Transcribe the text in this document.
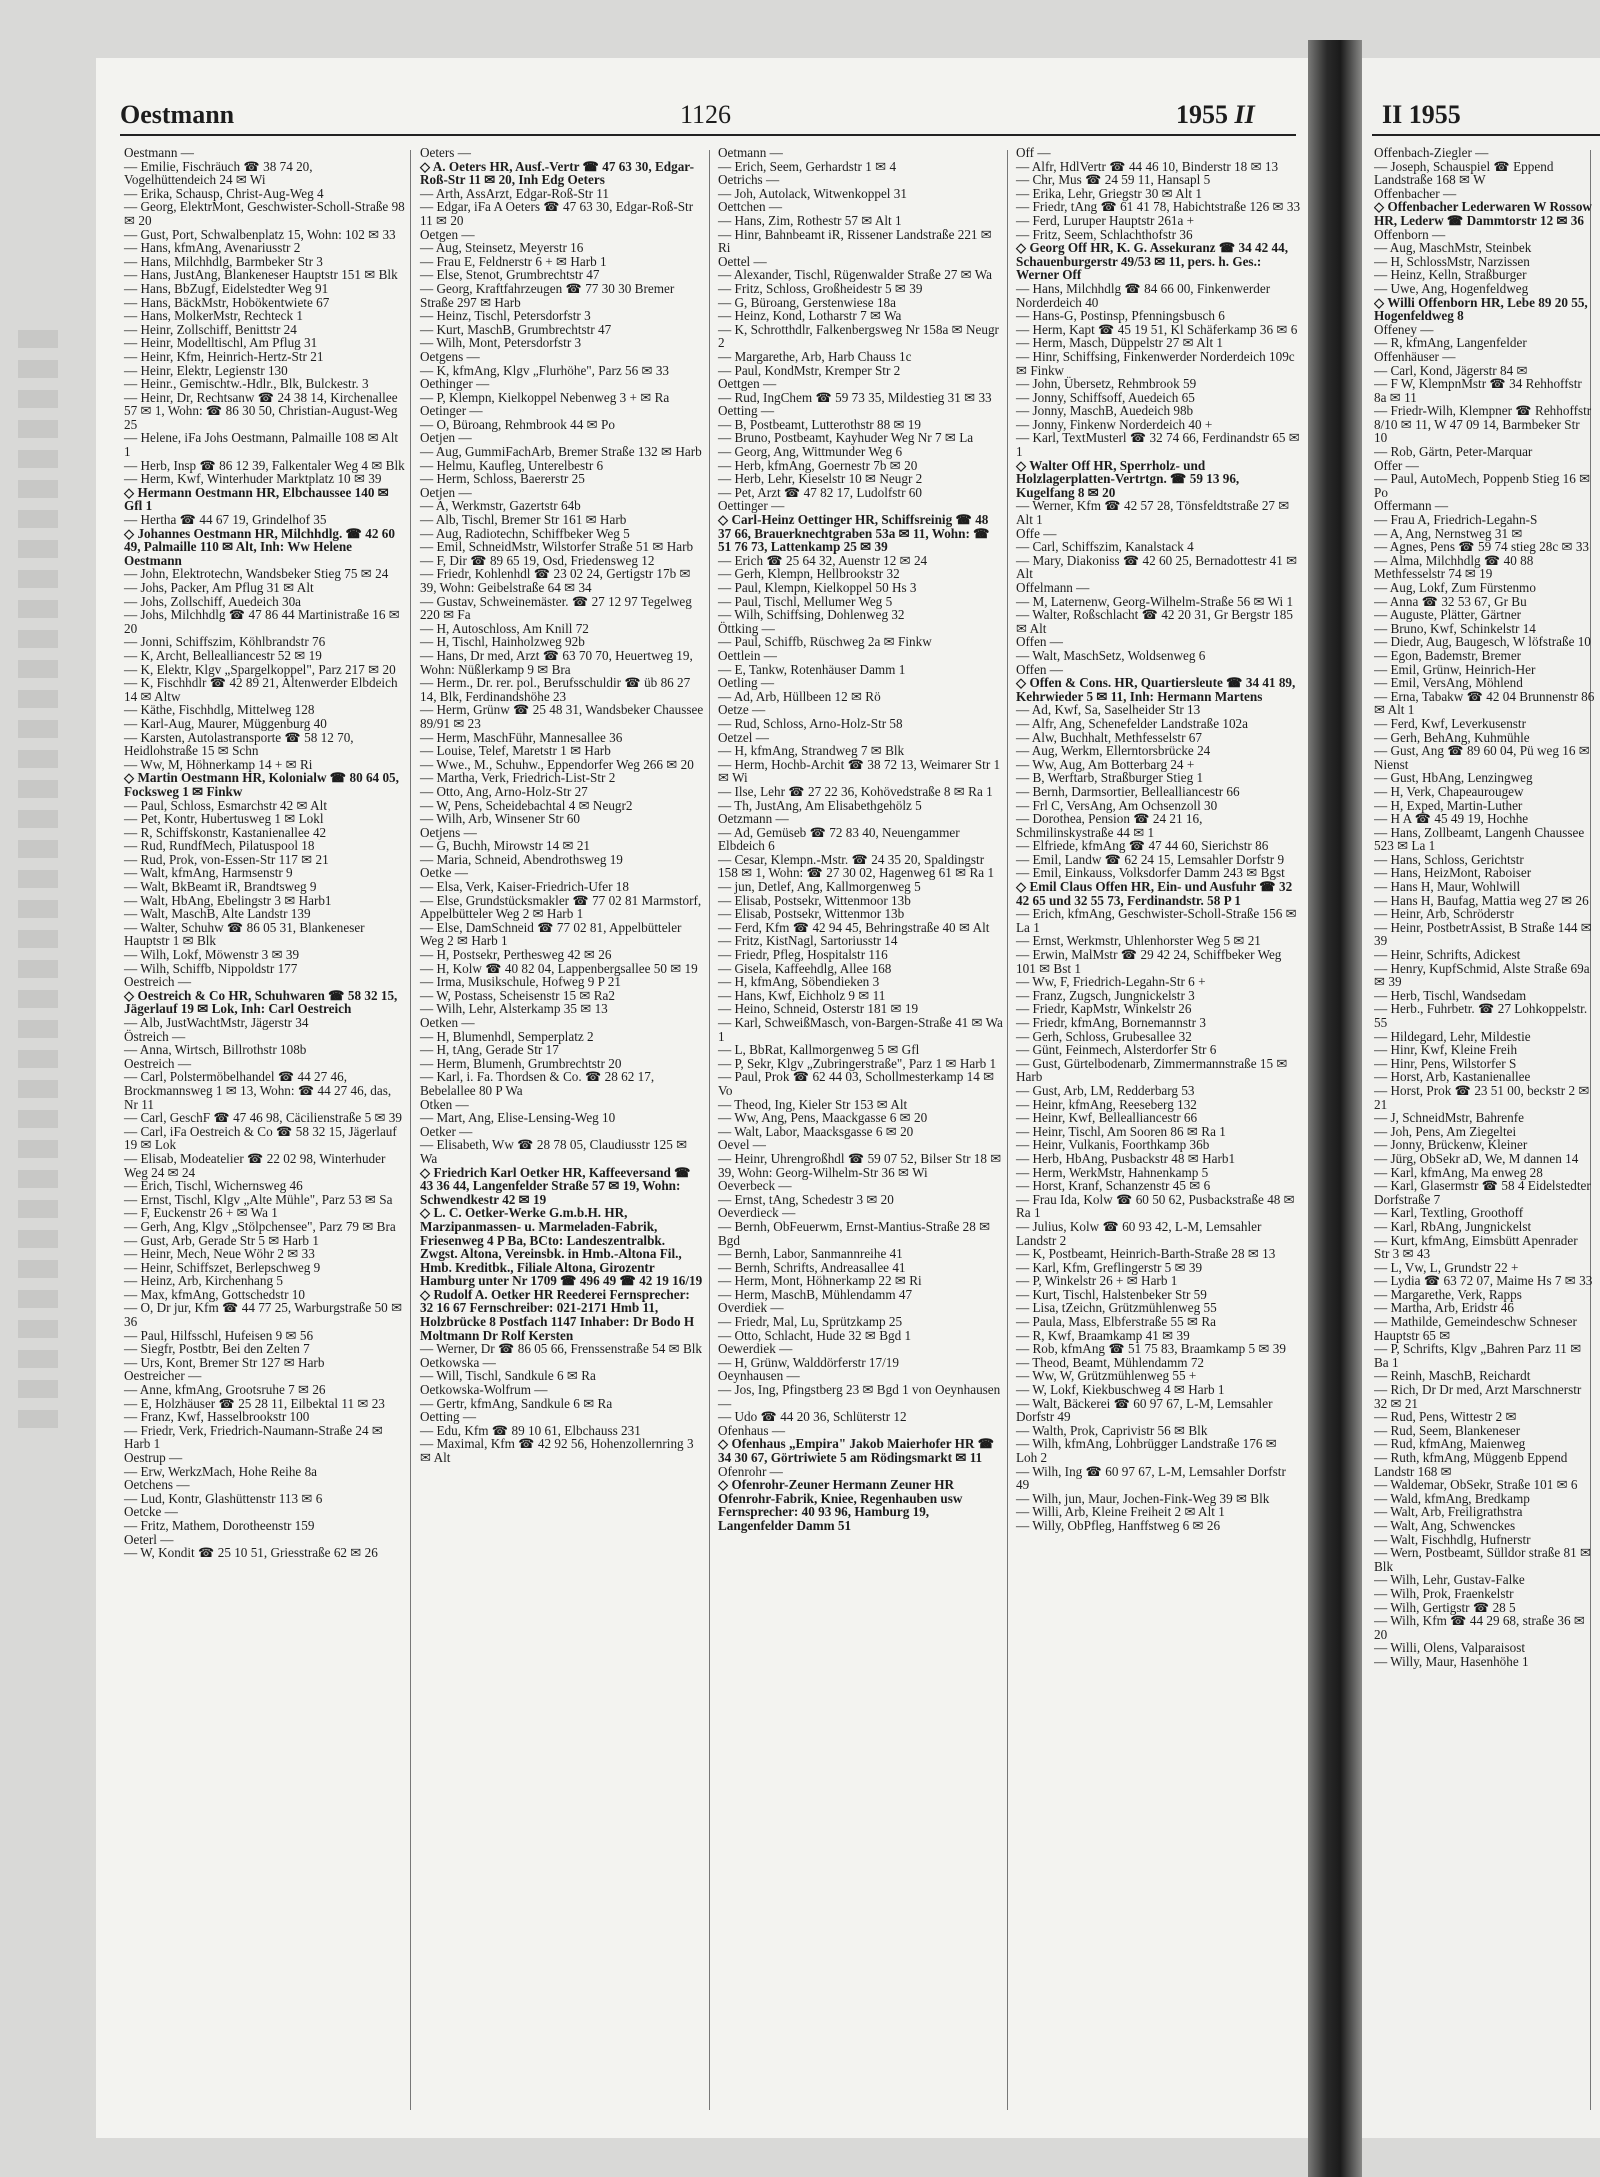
Oestmann	1126	1955 II	II 1955

Oestmann —

— Emilie, Fischräuch ☎ 38 74 20, Vogelhüttendeich 24 ✉ Wi

— Erika, Schausp, Christ-Aug-Weg 4

— Georg, ElektrMont, Geschwister-Scholl-Straße 98 ✉ 20

— Gust, Port, Schwalbenplatz 15, Wohn: 102 ✉ 33

— Hans, kfmAng, Avenariusstr 2

— Hans, Milchhdlg, Barmbeker Str 3

— Hans, JustAng, Blankeneser Hauptstr 151 ✉ Blk

— Hans, BbZugf, Eidelstedter Weg 91

— Hans, BäckMstr, Hobökentwiete 67

— Hans, MolkerMstr, Rechteck 1

— Heinr, Zollschiff, Benittstr 24

— Heinr, Modelltischl, Am Pflug 31

— Heinr, Kfm, Heinrich-Hertz-Str 21

— Heinr, Elektr, Legienstr 130

— Heinr., Gemischtw.-Hdlr., Blk, Bulckestr. 3

— Heinr, Dr, Rechtsanw ☎ 24 38 14, Kirchenallee 57 ✉ 1, Wohn: ☎ 86 30 50, Christian-August-Weg 25

— Helene, iFa Johs Oestmann, Palmaille 108 ✉ Alt 1

— Herb, Insp ☎ 86 12 39, Falkentaler Weg 4 ✉ Blk

— Herm, Kwf, Winterhuder Marktplatz 10 ✉ 39

◇ Hermann Oestmann HR, Elbchaussee 140 ✉ Gfl 1

— Hertha ☎ 44 67 19, Grindelhof 35

◇ Johannes Oestmann HR, Milchhdlg. ☎ 42 60 49, Palmaille 110 ✉ Alt, Inh: Ww Helene Oestmann

— John, Elektrotechn, Wandsbeker Stieg 75 ✉ 24

— Johs, Packer, Am Pflug 31 ✉ Alt

— Johs, Zollschiff, Auedeich 30a

— Johs, Milchhdlg ☎ 47 86 44 Martinistraße 16 ✉ 20

— Jonni, Schiffszim, Köhlbrandstr 76

— K, Archt, Bellealliancestr 52 ✉ 19

— K, Elektr, Klgv „Spargelkoppel", Parz 217 ✉ 20

— K, Fischhdlr ☎ 42 89 21, Altenwerder Elbdeich 14 ✉ Altw

— Käthe, Fischhdlg, Mittelweg 128

— Karl-Aug, Maurer, Müggenburg 40

— Karsten, Autolastransporte ☎ 58 12 70, Heidlohstraße 15 ✉ Schn

— Ww, M, Höhnerkamp 14 + ✉ Ri

◇ Martin Oestmann HR, Kolonialw ☎ 80 64 05, Focksweg 1 ✉ Finkw

— Paul, Schloss, Esmarchstr 42 ✉ Alt

— Pet, Kontr, Hubertusweg 1 ✉ Lokl

— R, Schiffskonstr, Kastanienallee 42

— Rud, RundfMech, Pilatuspool 18

— Rud, Prok, von-Essen-Str 117 ✉ 21

— Walt, kfmAng, Harmsenstr 9

— Walt, BkBeamt iR, Brandtsweg 9

— Walt, HbAng, Ebelingstr 3 ✉ Harb1

— Walt, MaschB, Alte Landstr 139

— Walter, Schuhw ☎ 86 05 31, Blankeneser Hauptstr 1 ✉ Blk

— Wilh, Lokf, Möwenstr 3 ✉ 39

— Wilh, Schiffb, Nippoldstr 177

Oestreich —

◇ Oestreich & Co HR, Schuhwaren ☎ 58 32 15, Jägerlauf 19 ✉ Lok, Inh: Carl Oestreich

— Alb, JustWachtMstr, Jägerstr 34

Östreich —

— Anna, Wirtsch, Billrothstr 108b

Oestreich —

— Carl, Polstermöbelhandel ☎ 44 27 46, Brockmannsweg 1 ✉ 13, Wohn: ☎ 44 27 46, das, Nr 11

— Carl, GeschF ☎ 47 46 98, Cäcilienstraße 5 ✉ 39

— Carl, iFa Oestreich & Co ☎ 58 32 15, Jägerlauf 19 ✉ Lok

— Elisab, Modeatelier ☎ 22 02 98, Winterhuder Weg 24 ✉ 24

— Erich, Tischl, Wichernsweg 46

— Ernst, Tischl, Klgv „Alte Mühle", Parz 53 ✉ Sa

— F, Euckenstr 26 + ✉ Wa 1

— Gerh, Ang, Klgv „Stölpchensee", Parz 79 ✉ Bra

— Gust, Arb, Gerade Str 5 ✉ Harb 1

— Heinr, Mech, Neue Wöhr 2 ✉ 33

— Heinr, Schiffszet, Berlepschweg 9

— Heinz, Arb, Kirchenhang 5

— Max, kfmAng, Gottschedstr 10

— O, Dr jur, Kfm ☎ 44 77 25, Warburgstraße 50 ✉ 36

— Paul, Hilfsschl, Hufeisen 9 ✉ 56

— Siegfr, Postbtr, Bei den Zelten 7

— Urs, Kont, Bremer Str 127 ✉ Harb

Oestreicher —

— Anne, kfmAng, Grootsruhe 7 ✉ 26

— E, Holzhäuser ☎ 25 28 11, Eilbektal 11 ✉ 23

— Franz, Kwf, Hasselbrookstr 100

— Friedr, Verk, Friedrich-Naumann-Straße 24 ✉ Harb 1

Oestrup —

— Erw, WerkzMach, Hohe Reihe 8a

Oetchens —

— Lud, Kontr, Glashüttenstr 113 ✉ 6

Oetcke —

— Fritz, Mathem, Dorotheenstr 159

Oeterl —

— W, Kondit ☎ 25 10 51, Griesstraße 62 ✉ 26

Oeters —

◇ A. Oeters HR, Ausf.-Vertr ☎ 47 63 30, Edgar-Roß-Str 11 ✉ 20, Inh Edg Oeters

— Arth, AssArzt, Edgar-Roß-Str 11

— Edgar, iFa A Oeters ☎ 47 63 30, Edgar-Roß-Str 11 ✉ 20

Oetgen —

— Aug, Steinsetz, Meyerstr 16

— Frau E, Feldnerstr 6 + ✉ Harb 1

— Else, Stenot, Grumbrechtstr 47

— Georg, Kraftfahrzeugen ☎ 77 30 30 Bremer Straße 297 ✉ Harb

— Heinz, Tischl, Petersdorfstr 3

— Kurt, MaschB, Grumbrechtstr 47

— Wilh, Mont, Petersdorfstr 3

Oetgens —

— K, kfmAng, Klgv „Flurhöhe", Parz 56 ✉ 33

Oethinger —

— P, Klempn, Kielkoppel Nebenweg 3 + ✉ Ra

Oetinger —

— O, Büroang, Rehmbrook 44 ✉ Po

Oetjen —

— Aug, GummiFachArb, Bremer Straße 132 ✉ Harb

— Helmu, Kaufleg, Unterelbestr 6

— Herm, Schloss, Baererstr 25

Oetjen —

— A, Werkmstr, Gazertstr 64b

— Alb, Tischl, Bremer Str 161 ✉ Harb

— Aug, Radiotechn, Schiffbeker Weg 5

— Emil, SchneidMstr, Wilstorfer Straße 51 ✉ Harb

— F, Dir ☎ 89 65 19, Osd, Friedensweg 12

— Friedr, Kohlenhdl ☎ 23 02 24, Gertigstr 17b ✉ 39, Wohn: Geibelstraße 64 ✉ 34

— Gustav, Schweinemäster. ☎ 27 12 97 Tegelweg 220 ✉ Fa

— H, Autoschloss, Am Knill 72

— H, Tischl, Hainholzweg 92b

— Hans, Dr med, Arzt ☎ 63 70 70, Heuertweg 19, Wohn: Nüßlerkamp 9 ✉ Bra

— Herm., Dr. rer. pol., Berufsschuldir ☎ üb 86 27 14, Blk, Ferdinandshöhe 23

— Herm, Grünw ☎ 25 48 31, Wandsbeker Chaussee 89/91 ✉ 23

— Herm, MaschFühr, Mannesallee 36

— Louise, Telef, Maretstr 1 ✉ Harb

— Wwe., M., Schuhw., Eppendorfer Weg 266 ✉ 20

— Martha, Verk, Friedrich-List-Str 2

— Otto, Ang, Arno-Holz-Str 27

— W, Pens, Scheidebachtal 4 ✉ Neugr2

— Wilh, Arb, Winsener Str 60

Oetjens —

— G, Buchh, Mirowstr 14 ✉ 21

— Maria, Schneid, Abendrothsweg 19

Oetke —

— Elsa, Verk, Kaiser-Friedrich-Ufer 18

— Else, Grundstücksmakler ☎ 77 02 81 Marmstorf, Appelbütteler Weg 2 ✉ Harb 1

— Else, DamSchneid ☎ 77 02 81, Appelbütteler Weg 2 ✉ Harb 1

— H, Postsekr, Perthesweg 42 ✉ 26

— H, Kolw ☎ 40 82 04, Lappenbergsallee 50 ✉ 19

— Irma, Musikschule, Hofweg 9 P 21

— W, Postass, Scheisenstr 15 ✉ Ra2

— Wilh, Lehr, Alsterkamp 35 ✉ 13

Oetken —

— H, Blumenhdl, Semperplatz 2

— H, tAng, Gerade Str 17

— Herm, Blumenh, Grumbrechtstr 20

— Karl, i. Fa. Thordsen & Co. ☎ 28 62 17, Bebelallee 80 P Wa

Otken —

— Mart, Ang, Elise-Lensing-Weg 10

Oetker —

— Elisabeth, Ww ☎ 28 78 05, Claudiusstr 125 ✉ Wa

◇ Friedrich Karl Oetker HR, Kaffeeversand ☎ 43 36 44, Langenfelder Straße 57 ✉ 19, Wohn: Schwendkestr 42 ✉ 19

◇ L. C. Oetker-Werke G.m.b.H. HR, Marzipanmassen- u. Marmeladen-Fabrik, Friesenweg 4 P Ba, BCto: Landeszentralbk. Zwgst. Altona, Vereinsbk. in Hmb.-Altona Fil., Hmb. Kreditbk., Filiale Altona, Girozentr Hamburg unter Nr 1709 ☎ 496 49 ☎ 42 19 16/19

◇ Rudolf A. Oetker HR Reederei Fernsprecher: 32 16 67 Fernschreiber: 021-2171 Hmb 11, Holzbrücke 8 Postfach 1147 Inhaber: Dr Bodo H Moltmann Dr Rolf Kersten

— Werner, Dr ☎ 86 05 66, Frenssenstraße 54 ✉ Blk

Oetkowska —

— Will, Tischl, Sandkule 6 ✉ Ra

Oetkowska-Wolfrum —

— Gertr, kfmAng, Sandkule 6 ✉ Ra

Oetting —

— Edu, Kfm ☎ 89 10 61, Elbchauss 231

— Maximal, Kfm ☎ 42 92 56, Hohenzollernring 3 ✉ Alt

Oetmann —

— Erich, Seem, Gerhardstr 1 ✉ 4

Oetrichs —

— Joh, Autolack, Witwenkoppel 31

Oettchen —

— Hans, Zim, Rothestr 57 ✉ Alt 1

— Hinr, Bahnbeamt iR, Rissener Landstraße 221 ✉ Ri

Oettel —

— Alexander, Tischl, Rügenwalder Straße 27 ✉ Wa

— Fritz, Schloss, Großheidestr 5 ✉ 39

— G, Büroang, Gerstenwiese 18a

— Heinz, Kond, Lotharstr 7 ✉ Wa

— K, Schrotthdlr, Falkenbergsweg Nr 158a ✉ Neugr 2

— Margarethe, Arb, Harb Chauss 1c

— Paul, KondMstr, Kremper Str 2

Oettgen —

— Rud, IngChem ☎ 59 73 35, Mildestieg 31 ✉ 33

Oetting —

— B, Postbeamt, Lutterothstr 88 ✉ 19

— Bruno, Postbeamt, Kayhuder Weg Nr 7 ✉ La

— Georg, Ang, Wittmunder Weg 6

— Herb, kfmAng, Goernestr 7b ✉ 20

— Herb, Lehr, Kieselstr 10 ✉ Neugr 2

— Pet, Arzt ☎ 47 82 17, Ludolfstr 60

Oettinger —

◇ Carl-Heinz Oettinger HR, Schiffsreinig ☎ 48 37 66, Brauerknechtgraben 53a ✉ 11, Wohn: ☎ 51 76 73, Lattenkamp 25 ✉ 39

— Erich ☎ 25 64 32, Auenstr 12 ✉ 24

— Gerh, Klempn, Hellbrookstr 32

— Paul, Klempn, Kielkoppel 50 Hs 3

— Paul, Tischl, Mellumer Weg 5

— Wilh, Schiffsing, Dohlenweg 32

Öttking —

— Paul, Schiffb, Rüschweg 2a ✉ Finkw

Oettlein —

— E, Tankw, Rotenhäuser Damm 1

Oetling —

— Ad, Arb, Hüllbeen 12 ✉ Rö

Oetze —

— Rud, Schloss, Arno-Holz-Str 58

Oetzel —

— H, kfmAng, Strandweg 7 ✉ Blk

— Herm, Hochb-Archit ☎ 38 72 13, Weimarer Str 1 ✉ Wi

— Ilse, Lehr ☎ 27 22 36, Kohövedstraße 8 ✉ Ra 1

— Th, JustAng, Am Elisabethgehölz 5

Oetzmann —

— Ad, Gemüseb ☎ 72 83 40, Neuengammer Elbdeich 6

— Cesar, Klempn.-Mstr. ☎ 24 35 20, Spaldingstr 158 ✉ 1, Wohn: ☎ 27 30 02, Hagenweg 61 ✉ Ra 1

— jun, Detlef, Ang, Kallmorgenweg 5

— Elisab, Postsekr, Wittenmoor 13b

— Elisab, Postsekr, Wittenmor 13b

— Ferd, Kfm ☎ 42 94 45, Behringstraße 40 ✉ Alt

— Fritz, KistNagl, Sartoriusstr 14

— Friedr, Pfleg, Hospitalstr 116

— Gisela, Kaffeehdlg, Allee 168

— H, kfmAng, Söbendieken 3

— Hans, Kwf, Eichholz 9 ✉ 11

— Heino, Schneid, Osterstr 181 ✉ 19

— Karl, SchweißMasch, von-Bargen-Straße 41 ✉ Wa 1

— L, BbRat, Kallmorgenweg 5 ✉ Gfl

— P, Sekr, Klgv „Zubringerstraße", Parz 1 ✉ Harb 1

— Paul, Prok ☎ 62 44 03, Schollmesterkamp 14 ✉ Vo

— Theod, Ing, Kieler Str 153 ✉ Alt

— Ww, Ang, Pens, Maackgasse 6 ✉ 20

— Walt, Labor, Maacksgasse 6 ✉ 20

Oevel —

— Heinr, Uhrengroßhdl ☎ 59 07 52, Bilser Str 18 ✉ 39, Wohn: Georg-Wilhelm-Str 36 ✉ Wi

Oeverbeck —

— Ernst, tAng, Schedestr 3 ✉ 20

Oeverdieck —

— Bernh, ObFeuerwm, Ernst-Mantius-Straße 28 ✉ Bgd

— Bernh, Labor, Sanmannreihe 41

— Bernh, Schrifts, Andreasallee 41

— Herm, Mont, Höhnerkamp 22 ✉ Ri

— Herm, MaschB, Mühlendamm 47

Overdiek —

— Friedr, Mal, Lu, Sprützkamp 25

— Otto, Schlacht, Hude 32 ✉ Bgd 1

Oewerdiek —

— H, Grünw, Walddörferstr 17/19

Oeynhausen —

— Jos, Ing, Pfingstberg 23 ✉ Bgd 1 von Oeynhausen —

— Udo ☎ 44 20 36, Schlüterstr 12

Ofenhaus —

◇ Ofenhaus „Empira" Jakob Maierhofer HR ☎ 34 30 67, Görtriwiete 5 am Rödingsmarkt ✉ 11

Ofenrohr —

◇ Ofenrohr-Zeuner Hermann Zeuner HR Ofenrohr-Fabrik, Kniee, Regenhauben usw Fernsprecher: 40 93 96, Hamburg 19, Langenfelder Damm 51

Off —

— Alfr, HdlVertr ☎ 44 46 10, Binderstr 18 ✉ 13

— Chr, Mus ☎ 24 59 11, Hansapl 5

— Erika, Lehr, Griegstr 30 ✉ Alt 1

— Friedr, tAng ☎ 61 41 78, Habichtstraße 126 ✉ 33

— Ferd, Luruper Hauptstr 261a +

— Fritz, Seem, Schlachthofstr 36

◇ Georg Off HR, K. G. Assekuranz ☎ 34 42 44, Schauenburgerstr 49/53 ✉ 11, pers. h. Ges.: Werner Off

— Hans, Milchhdlg ☎ 84 66 00, Finkenwerder Norderdeich 40

— Hans-G, Postinsp, Pfenningsbusch 6

— Herm, Kapt ☎ 45 19 51, Kl Schäferkamp 36 ✉ 6

— Herm, Masch, Düppelstr 27 ✉ Alt 1

— Hinr, Schiffsing, Finkenwerder Norderdeich 109c ✉ Finkw

— John, Übersetz, Rehmbrook 59

— Jonny, Schiffsoff, Auedeich 65

— Jonny, MaschB, Auedeich 98b

— Jonny, Finkenw Norderdeich 40 +

— Karl, TextMusterl ☎ 32 74 66, Ferdinandstr 65 ✉ 1

◇ Walter Off HR, Sperrholz- und Holzlagerplatten-Vertrtgn. ☎ 59 13 96, Kugelfang 8 ✉ 20

— Werner, Kfm ☎ 42 57 28, Tönsfeldtstraße 27 ✉ Alt 1

Offe —

— Carl, Schiffszim, Kanalstack 4

— Mary, Diakoniss ☎ 42 60 25, Bernadottestr 41 ✉ Alt

Offelmann —

— M, Laternenw, Georg-Wilhelm-Straße 56 ✉ Wi 1

— Walter, Roßschlacht ☎ 42 20 31, Gr Bergstr 185 ✉ Alt

Offen —

— Walt, MaschSetz, Woldsenweg 6

Offen —

◇ Offen & Cons. HR, Quartiersleute ☎ 34 41 89, Kehrwieder 5 ✉ 11, Inh: Hermann Martens

— Ad, Kwf, Sa, Saselheider Str 13

— Alfr, Ang, Schenefelder Landstraße 102a

— Alw, Buchhalt, Methfesselstr 67

— Aug, Werkm, Ellerntorsbrücke 24

— Ww, Aug, Am Botterbarg 24 +

— B, Werftarb, Straßburger Stieg 1

— Bernh, Darmsortier, Bellealliancestr 66

— Frl C, VersAng, Am Ochsenzoll 30

— Dorothea, Pension ☎ 24 21 16, Schmilinskystraße 44 ✉ 1

— Elfriede, kfmAng ☎ 47 44 60, Sierichstr 86

— Emil, Landw ☎ 62 24 15, Lemsahler Dorfstr 9

— Emil, Einkauss, Volksdorfer Damm 243 ✉ Bgst

◇ Emil Claus Offen HR, Ein- und Ausfuhr ☎ 32 42 65 und 32 55 73, Ferdinandstr. 58 P 1

— Erich, kfmAng, Geschwister-Scholl-Straße 156 ✉ La 1

— Ernst, Werkmstr, Uhlenhorster Weg 5 ✉ 21

— Erwin, MalMstr ☎ 29 42 24, Schiffbeker Weg 101 ✉ Bst 1

— Ww, F, Friedrich-Legahn-Str 6 +

— Franz, Zugsch, Jungnickelstr 3

— Friedr, KapMstr, Winkelstr 26

— Friedr, kfmAng, Bornemannstr 3

— Gerh, Schloss, Grubesallee 32

— Günt, Feinmech, Alsterdorfer Str 6

— Gust, Gürtelbodenarb, Zimmermannstraße 15 ✉ Harb

— Gust, Arb, LM, Redderbarg 53

— Heinr, kfmAng, Reeseberg 132

— Heinr, Kwf, Bellealliancestr 66

— Heinr, Tischl, Am Sooren 86 ✉ Ra 1

— Heinr, Vulkanis, Foorthkamp 36b

— Herb, HbAng, Pusbackstr 48 ✉ Harb1

— Herm, WerkMstr, Hahnenkamp 5

— Horst, Kranf, Schanzenstr 45 ✉ 6

— Frau Ida, Kolw ☎ 60 50 62, Pusbackstraße 48 ✉ Ra 1

— Julius, Kolw ☎ 60 93 42, L-M, Lemsahler Landstr 2

— K, Postbeamt, Heinrich-Barth-Straße 28 ✉ 13

— Karl, Kfm, Greflingerstr 5 ✉ 39

— P, Winkelstr 26 + ✉ Harb 1

— Kurt, Tischl, Halstenbeker Str 59

— Lisa, tZeichn, Grützmühlenweg 55

— Paula, Mass, Elbferstraße 55 ✉ Ra

— R, Kwf, Braamkamp 41 ✉ 39

— Rob, kfmAng ☎ 51 75 83, Braamkamp 5 ✉ 39

— Theod, Beamt, Mühlendamm 72

— Ww, W, Grützmühlenweg 55 +

— W, Lokf, Kiekbuschweg 4 ✉ Harb 1

— Walt, Bäckerei ☎ 60 97 67, L-M, Lemsahler Dorfstr 49

— Walth, Prok, Caprivistr 56 ✉ Blk

— Wilh, kfmAng, Lohbrügger Landstraße 176 ✉ Loh 2

— Wilh, Ing ☎ 60 97 67, L-M, Lemsahler Dorfstr 49

— Wilh, jun, Maur, Jochen-Fink-Weg 39 ✉ Blk

— Willi, Arb, Kleine Freiheit 2 ✉ Alt 1

— Willy, ObPfleg, Hanffstweg 6 ✉ 26

Offenbach-Ziegler —

— Joseph, Schauspiel ☎ Eppend Landstraße 168 ✉ W

Offenbacher —

◇ Offenbacher Lederwaren W Rossow HR, Lederw ☎ Dammtorstr 12 ✉ 36

Offenborn —

— Aug, MaschMstr, Steinbek

— H, SchlossMstr, Narzissen

— Heinz, Kelln, Straßburger

— Uwe, Ang, Hogenfeldweg

◇ Willi Offenborn HR, Lebe 89 20 55, Hogenfeldweg 8

Offeney —

— R, kfmAng, Langenfelder

Offenhäuser —

— Carl, Kond, Jägerstr 84 ✉

— F W, KlempnMstr ☎ 34 Rehhoffstr 8a ✉ 11

— Friedr-Wilh, Klempner ☎ Rehhoffstr 8/10 ✉ 11, W 47 09 14, Barmbeker Str 10

— Rob, Gärtn, Peter-Marquar

Offer —

— Paul, AutoMech, Poppenb Stieg 16 ✉ Po

Offermann —

— Frau A, Friedrich-Legahn-S

— A, Ang, Nernstweg 31 ✉

— Agnes, Pens ☎ 59 74 stieg 28c ✉ 33

— Alma, Milchhdlg ☎ 40 88 Methfesselstr 74 ✉ 19

— Aug, Lokf, Zum Fürstenmo

— Anna ☎ 32 53 67, Gr Bu

— Auguste, Plätter, Gärtner

— Bruno, Kwf, Schinkelstr 14

— Diedr, Aug, Baugesch, W löfstraße 10

— Egon, Bademstr, Bremer

— Emil, Grünw, Heinrich-Her

— Emil, VersAng, Möhlend

— Erna, Tabakw ☎ 42 04 Brunnenstr 86 ✉ Alt 1

— Ferd, Kwf, Leverkusenstr

— Gerh, BehAng, Kuhmühle

— Gust, Ang ☎ 89 60 04, Pü weg 16 ✉ Nienst

— Gust, HbAng, Lenzingweg

— H, Verk, Chapeaurougew

— H, Exped, Martin-Luther

— H A ☎ 45 49 19, Hochhe

— Hans, Zollbeamt, Langenh Chaussee 523 ✉ La 1

— Hans, Schloss, Gerichtstr

— Hans, HeizMont, Raboiser

— Hans H, Maur, Wohlwill

— Hans H, Baufag, Mattia weg 27 ✉ 26

— Heinr, Arb, Schröderstr

— Heinr, PostbetrAssist, B Straße 144 ✉ 39

— Heinr, Schrifts, Adickest

— Henry, KupfSchmid, Alste Straße 69a ✉ 39

— Herb, Tischl, Wandsedam

— Herb., Fuhrbetr. ☎ 27 Lohkoppelstr. 55

— Hildegard, Lehr, Mildestie

— Hinr, Kwf, Kleine Freih

— Hinr, Pens, Wilstorfer S

— Horst, Arb, Kastanienallee

— Horst, Prok ☎ 23 51 00, beckstr 2 ✉ 21

— J, SchneidMstr, Bahrenfe

— Joh, Pens, Am Ziegeltei

— Jonny, Brückenw, Kleiner

— Jürg, ObSekr aD, We, M dannen 14

— Karl, kfmAng, Ma enweg 28

— Karl, Glasermstr ☎ 58 4 Eidelstedter Dorfstraße 7

— Karl, Textling, Groothoff

— Karl, RbAng, Jungnickelst

— Kurt, kfmAng, Eimsbütt Apenrader Str 3 ✉ 43

— L, Vw, L, Grundstr 22 +

— Lydia ☎ 63 72 07, Maime Hs 7 ✉ 33

— Margarethe, Verk, Rapps

— Martha, Arb, Eridstr 46

— Mathilde, Gemeindeschw Schneser Hauptstr 65 ✉

— P, Schrifts, Klgv „Bahren Parz 11 ✉ Ba 1

— Reinh, MaschB, Reichardt

— Rich, Dr Dr med, Arzt Marschnerstr 32 ✉ 21

— Rud, Pens, Wittestr 2 ✉

— Rud, Seem, Blankeneser

— Rud, kfmAng, Maienweg

— Ruth, kfmAng, Müggenb Eppend Landstr 168 ✉

— Waldemar, ObSekr, Straße 101 ✉ 6

— Wald, kfmAng, Bredkamp

— Walt, Arb, Freiligrathstra

— Walt, Ang, Schwenckes

— Walt, Fischhdlg, Hufnerstr

— Wern, Postbeamt, Sülldor straße 81 ✉ Blk

— Wilh, Lehr, Gustav-Falke

— Wilh, Prok, Fraenkelstr

— Wilh, Gertigstr ☎ 28 5

— Wilh, Kfm ☎ 44 29 68, straße 36 ✉ 20

— Willi, Olens, Valparaisost

— Willy, Maur, Hasenhöhe 1
